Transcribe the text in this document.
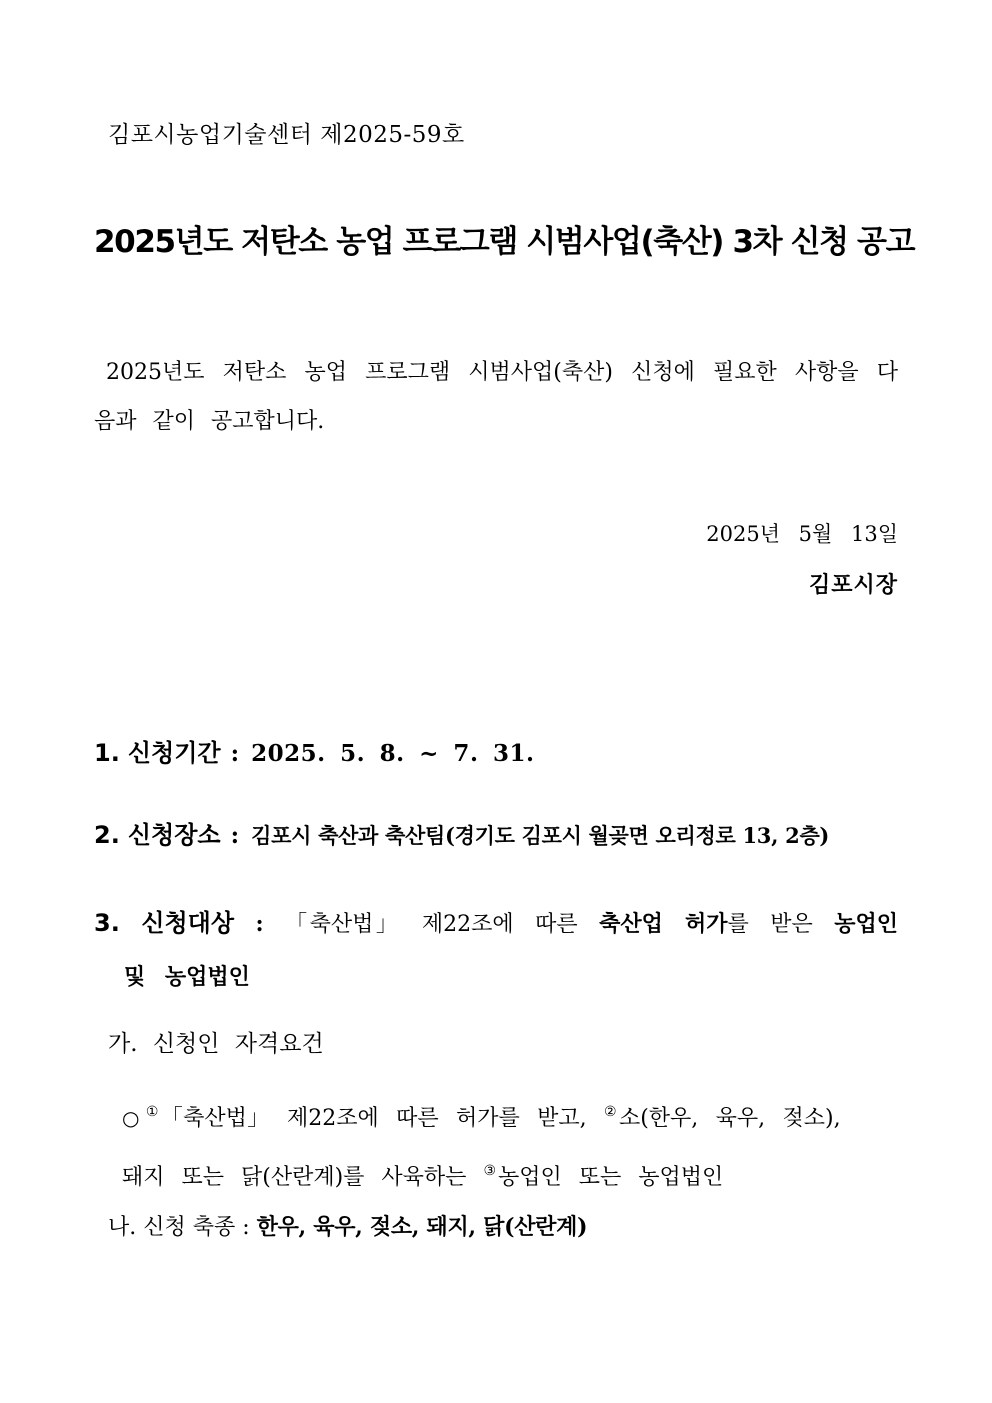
김포시농업기술센터 제2025-59호
2025년도 저탄소 농업 프로그램 시범사업(축산) 3차 신청 공고
2025년도 저탄소 농업 프로그램 시범사업(축산) 신청에 필요한 사항을 다음과 같이 공고합니다.
2025년 5월 13일
김포시장
1. 신청기간 : 2025. 5. 8. ~ 7. 31.
2. 신청장소 : 김포시 축산과 축산팀(경기도 김포시 월곶면 오리정로 13, 2층)
3. 신청대상 : 「축산법」 제22조에 따른 축산업 허가를 받은 농업인 및 농업법인
가. 신청인 자격요건
○ ①「축산법」 제22조에 따른 허가를 받고, ②소(한우, 육우, 젖소), 돼지 또는 닭(산란계)를 사육하는 ③농업인 또는 농업법인
나. 신청 축종 : 한우, 육우, 젖소, 돼지, 닭(산란계)
